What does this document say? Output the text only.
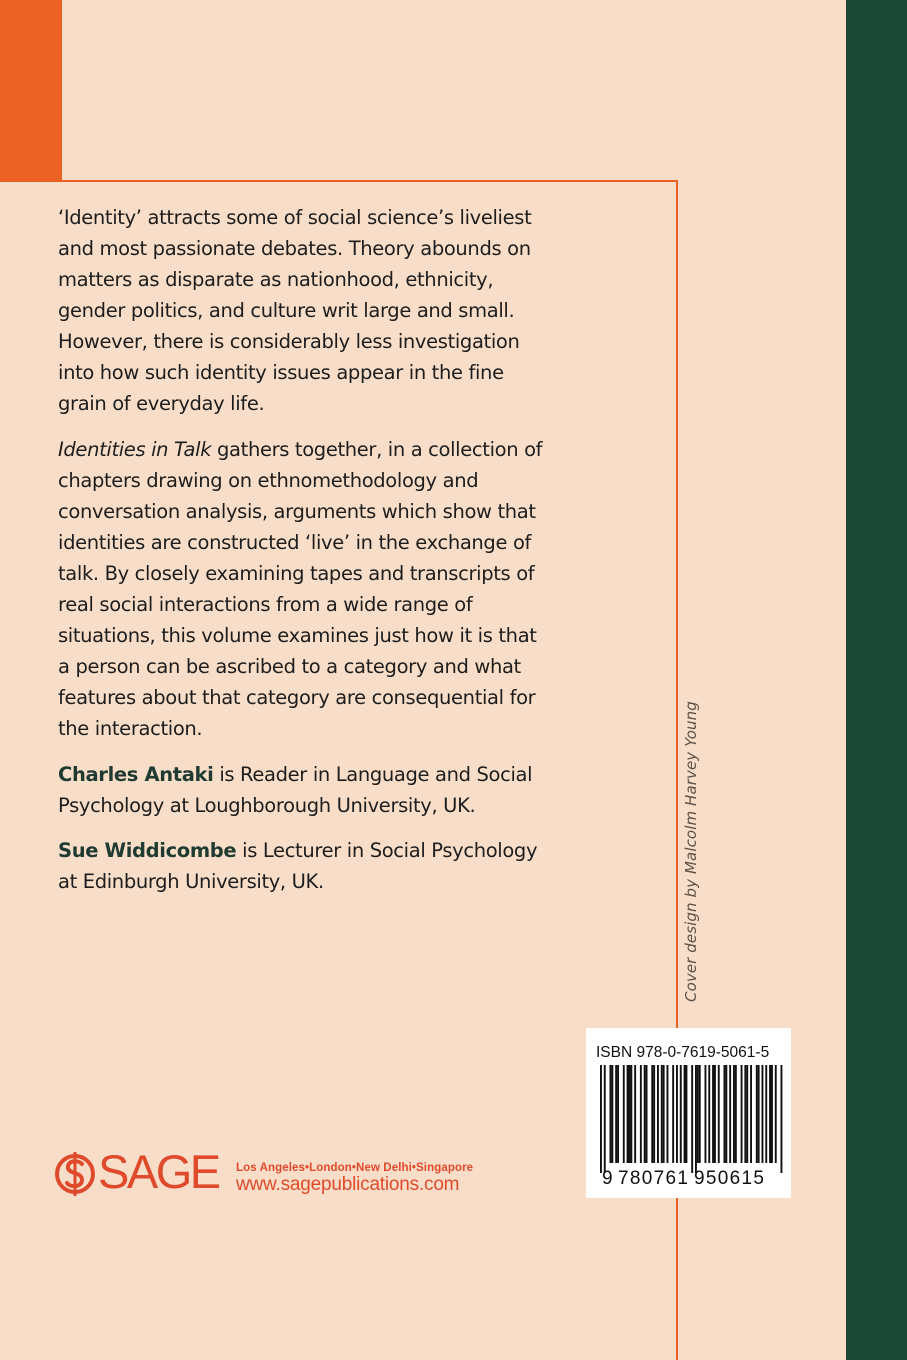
‘Identity’ attracts some of social science’s liveliest and most passionate debates. Theory abounds on matters as disparate as nationhood, ethnicity, gender politics, and culture writ large and small. However, there is considerably less investigation into how such identity issues appear in the fine grain of everyday life.

Identities in Talk gathers together, in a collection of chapters drawing on ethnomethodology and conversation analysis, arguments which show that identities are constructed ‘live’ in the exchange of talk. By closely examining tapes and transcripts of real social interactions from a wide range of situations, this volume examines just how it is that a person can be ascribed to a category and what features about that category are consequential for the interaction.

Charles Antaki is Reader in Language and Social Psychology at Loughborough University, UK.

Sue Widdicombe is Lecturer in Social Psychology at Edinburgh University, UK.	Cover design by Malcolm Harvey Young
ISBN 978-0-7619-5061-5
9 780761 950615
SAGE Los Angeles•London•New Delhi•Singapore
www.sagepublications.com
